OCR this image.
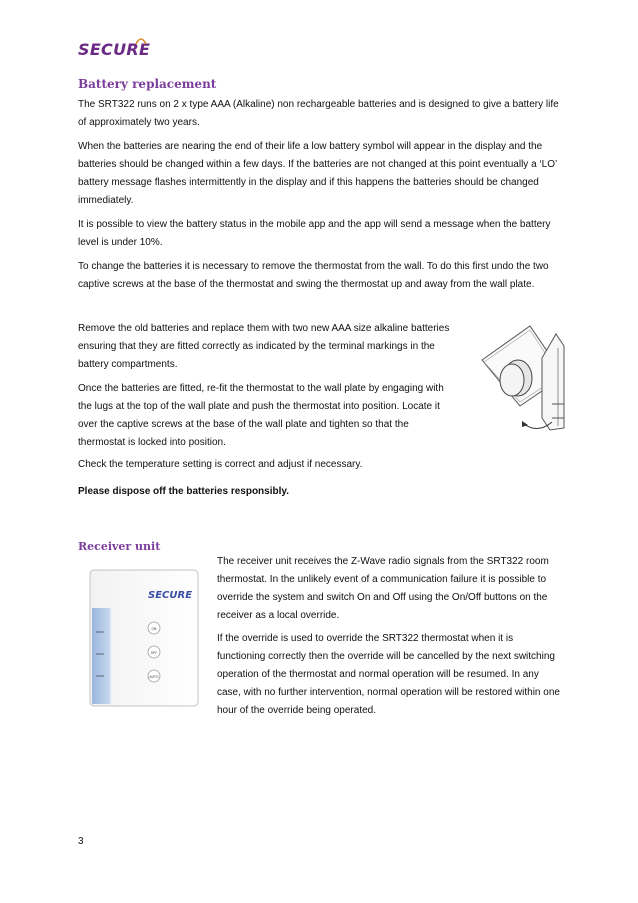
SECURE
Battery replacement

The SRT322 runs on 2 x type AAA (Alkaline) non rechargeable batteries and is designed to give a battery life of approximately two years.

When the batteries are nearing the end of their life a low battery symbol will appear in the display and the batteries should be changed within a few days. If the batteries are not changed at this point eventually a ‘LO’ battery message flashes intermittently in the display and if this happens the batteries should be changed immediately.

It is possible to view the battery status in the mobile app and the app will send a message when the battery level is under 10%.

To change the batteries it is necessary to remove the thermostat from the wall. To do this first undo the two captive screws at the base of the thermostat and swing the thermostat up and away from the wall plate.

Remove the old batteries and replace them with two new AAA size alkaline batteries ensuring that they are fitted correctly as indicated by the terminal markings in the battery compartments.

Once the batteries are fitted, re-fit the thermostat to the wall plate by engaging with the lugs at the top of the wall plate and push the thermostat into position. Locate it over the captive screws at the base of the wall plate and tighten so that the thermostat is locked into position.

Check the temperature setting is correct and adjust if necessary.

Please dispose off the batteries responsibly.

Receiver unit
SECURE
ON
OFF
AUTO

The receiver unit receives the Z-Wave radio signals from the SRT322 room thermostat. In the unlikely event of a communication failure it is possible to override the system and switch On and Off using the On/Off buttons on the receiver as a local override.

If the override is used to override the SRT322 thermostat when it is functioning correctly then the override will be cancelled by the next switching operation of the thermostat and normal operation will be resumed. In any case, with no further intervention, normal operation will be restored within one hour of the override being operated.

3
